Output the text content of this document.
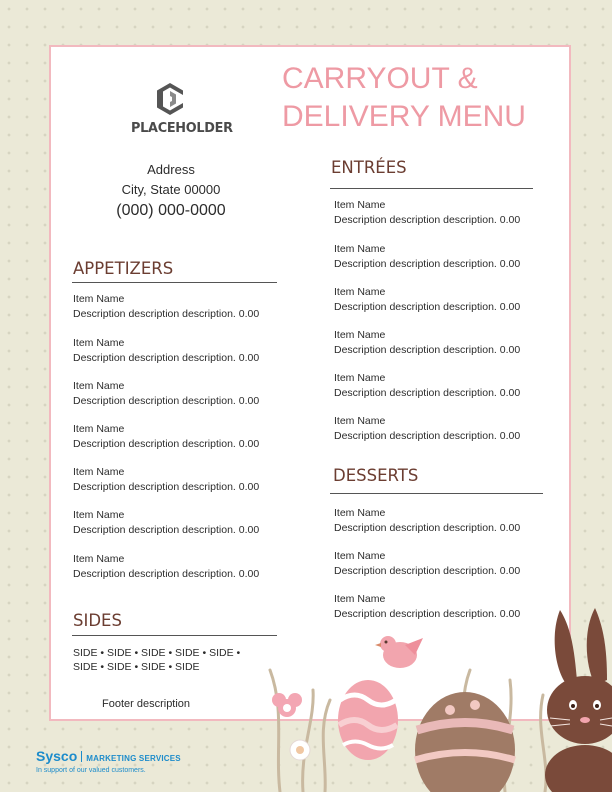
PLACEHOLDER
CARRYOUT &
DELIVERY MENU
Address
City, State 00000
(000) 000-0000
APPETIZERS
Item Name
Description description description. 0.00
Item Name
Description description description. 0.00
Item Name
Description description description. 0.00
Item Name
Description description description. 0.00
Item Name
Description description description. 0.00
Item Name
Description description description. 0.00
Item Name
Description description description. 0.00
SIDES
SIDE • SIDE • SIDE • SIDE • SIDE •
SIDE • SIDE • SIDE • SIDE
Footer description
ENTRÉES
Item Name
Description description description. 0.00
Item Name
Description description description. 0.00
Item Name
Description description description. 0.00
Item Name
Description description description. 0.00
Item Name
Description description description. 0.00
Item Name
Description description description. 0.00
DESSERTS
Item Name
Description description description. 0.00
Item Name
Description description description. 0.00
Item Name
Description description description. 0.00
Sysco MARKETING SERVICES
In support of our valued customers.
